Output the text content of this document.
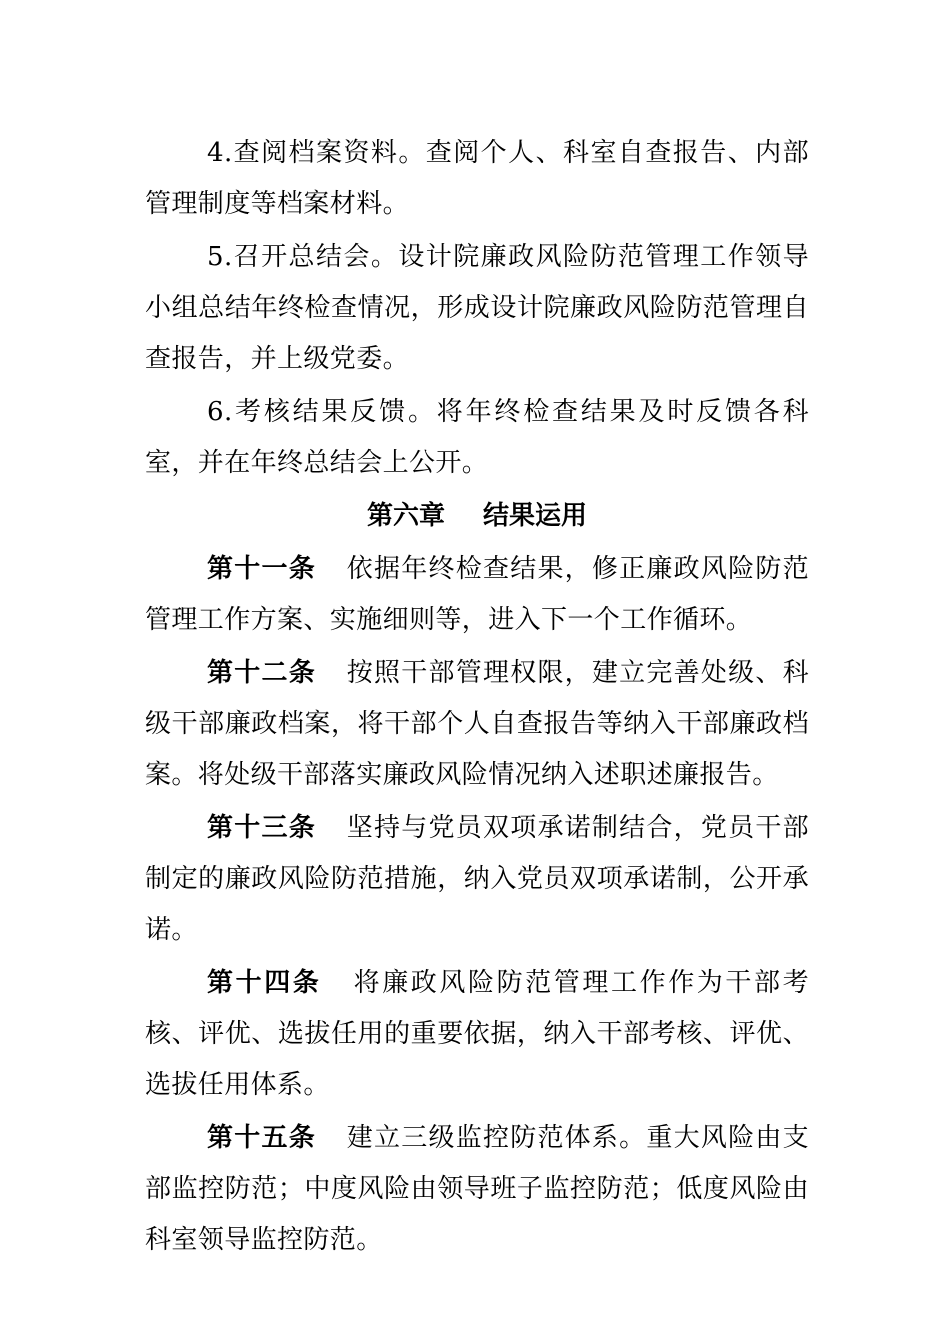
4.查阅档案资料。查阅个人、科室自查报告、内部管理制度等档案材料。

5.召开总结会。设计院廉政风险防范管理工作领导小组总结年终检查情况，形成设计院廉政风险防范管理自查报告，并上级党委。

6.考核结果反馈。将年终检查结果及时反馈各科室，并在年终总结会上公开。

第六章 结果运用

第十一条 依据年终检查结果，修正廉政风险防范管理工作方案、实施细则等，进入下一个工作循环。

第十二条 按照干部管理权限，建立完善处级、科级干部廉政档案，将干部个人自查报告等纳入干部廉政档案。将处级干部落实廉政风险情况纳入述职述廉报告。

第十三条 坚持与党员双项承诺制结合，党员干部制定的廉政风险防范措施，纳入党员双项承诺制，公开承诺。

第十四条 将廉政风险防范管理工作作为干部考核、评优、选拔任用的重要依据，纳入干部考核、评优、选拔任用体系。

第十五条 建立三级监控防范体系。重大风险由支部监控防范；中度风险由领导班子监控防范；低度风险由科室领导监控防范。
